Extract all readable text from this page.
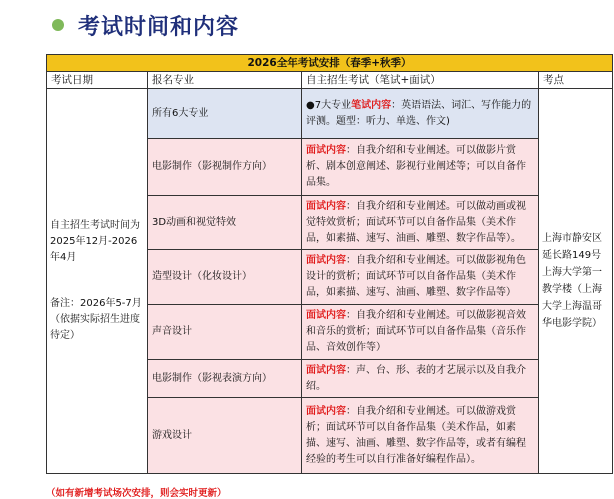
考试时间和内容
2026全年考试安排（春季+秋季）			
考试日期	报名专业	自主招生考试（笔试+面试）	考点

自主招生考试时间为2025年12月-2026年4月
备注：2026年5-7月（依据实际招生进度待定）	所有6大专业	●7大专业笔试内容：英语语法、词汇、写作能力的评测。题型：听力、单选、作文)	上海市静安区延长路149号上海大学第一教学楼（上海大学上海温哥华电影学院）
	电影制作（影视制作方向）	面试内容：自我介绍和专业阐述。可以做影片赏析、剧本创意阐述、影视行业阐述等；可以自备作品集。	
	3D动画和视觉特效	面试内容：自我介绍和专业阐述。可以做动画或视觉特效赏析；面试环节可以自备作品集（美术作品，如素描、速写、油画、雕塑、数字作品等）。	
	造型设计（化妆设计）	面试内容：自我介绍和专业阐述。可以做影视角色设计的赏析；面试环节可以自备作品集（美术作品，如素描、速写、油画、雕塑、数字作品等）	
	声音设计	面试内容：自我介绍和专业阐述。可以做影视音效和音乐的赏析；面试环节可以自备作品集（音乐作品、音效创作等）	
	电影制作（影视表演方向）	面试内容：声、台、形、表的才艺展示以及自我介绍。	
	游戏设计	面试内容：自我介绍和专业阐述。可以做游戏赏析；面试环节可以自备作品集（美术作品，如素描、速写、油画、雕塑、数字作品等，或者有编程经验的考生可以自行准备好编程作品）。	
（如有新增考试场次安排，则会实时更新）
